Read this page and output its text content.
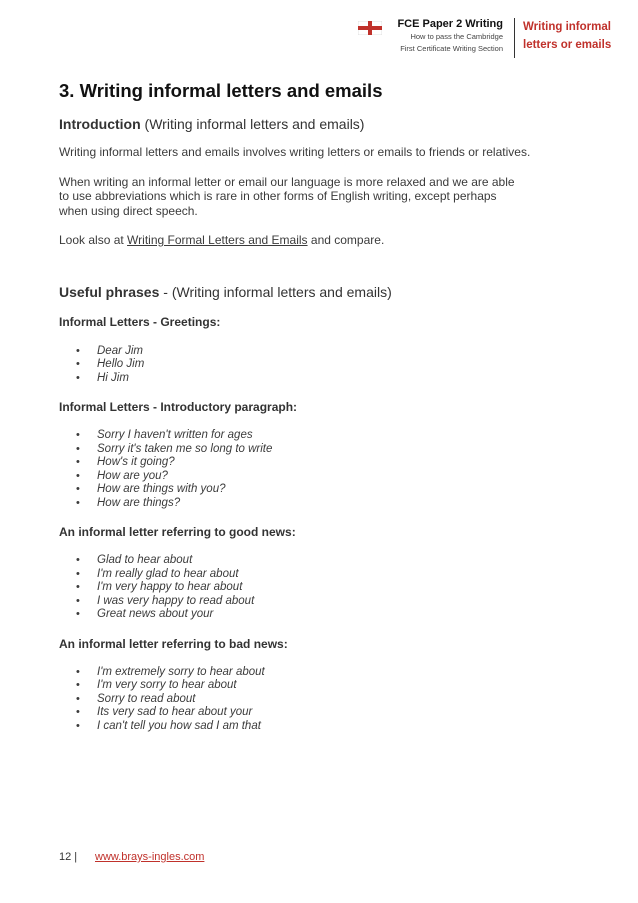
FCE Paper 2 Writing
How to pass the Cambridge
First Certificate Writing Section
Writing informal
letters or emails
3. Writing informal letters and emails
Introduction (Writing informal letters and emails)

Writing informal letters and emails involves writing letters or emails to friends or relatives.

When writing an informal letter or email our language is more relaxed and we are able
to use abbreviations which is rare in other forms of English writing, except perhaps
when using direct speech.

Look also at Writing Formal Letters and Emails and compare.

Useful phrases - (Writing informal letters and emails)
Informal Letters - Greetings:
• Dear Jim
• Hello Jim
• Hi Jim
Informal Letters - Introductory paragraph:
• Sorry I haven't written for ages
• Sorry it's taken me so long to write
• How's it going?
• How are you?
• How are things with you?
• How are things?
An informal letter referring to good news:
• Glad to hear about
• I'm really glad to hear about
• I'm very happy to hear about
• I was very happy to read about
• Great news about your
An informal letter referring to bad news:
• I'm extremely sorry to hear about
• I'm very sorry to hear about
• Sorry to read about
• Its very sad to hear about your
• I can't tell you how sad I am that
12 | www.brays-ingles.com
